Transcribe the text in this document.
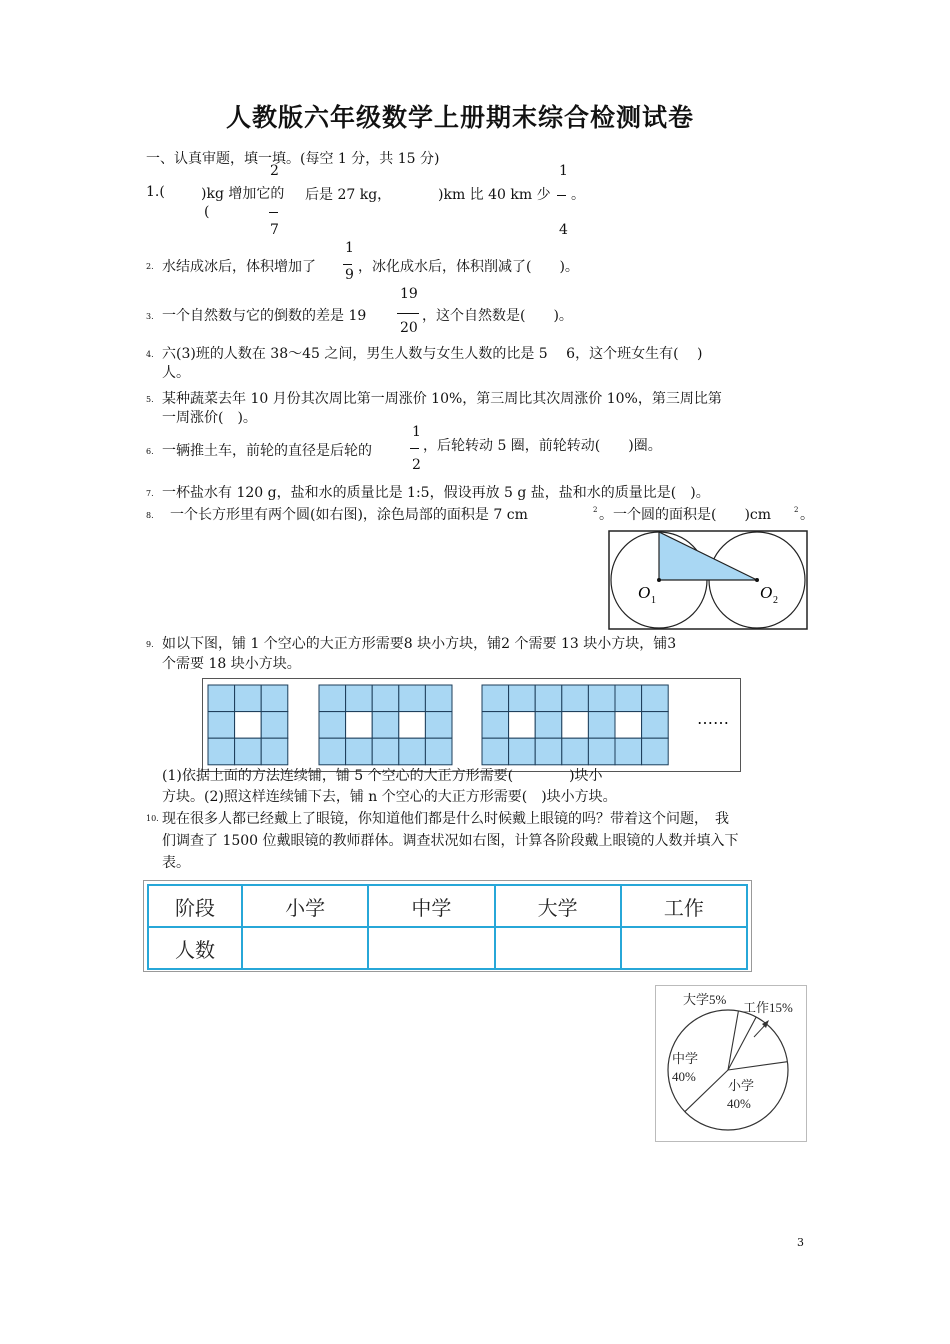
人教版六年级数学上册期末综合检测试卷
一、认真审题，填一填。(每空 1 分，共 15 分)
1.(	)kg 增加它的
(
2
7
后是 27 kg，	)km 比 40 km 少
1
4
。
2. 水结成冰后，体积增加了
1
9 ，冰化成水后，体积削减了(　　)。
3. 一个自然数与它的倒数的差是 19
19
20
，这个自然数是(　　)。
4. 六(3)班的人数在 38～45 之间，男生人数与女生人数的比是 5　 6，这个班女生有(　 )
人。
5. 某种蔬菜去年 10 月份其次周比第一周涨价 10%，第三周比其次周涨价 10%，第三周比第
一周涨价(　)。
6. 一辆推土车，前轮的直径是后轮的
1
2
，后轮转动 5 圈，前轮转动(　　)圈。
7. 一杯盐水有 120 g，盐和水的质量比是 1:5，假设再放 5 g 盐，盐和水的质量比是(　)。
8. 一个长方形里有两个圆(如右图)，涂色局部的面积是 7 cm	2 。一个圆的面积是(　　)cm	2 。
O 1	O 2
9. 如以下图，铺 1 个空心的大正方形需要8 块小方块，铺2 个需要 13 块小方块，铺3
个需要 18 块小方块。
……
(1)依据上面的方法连续铺，铺 5 个空心的大正方形需要(　　　　)块小
方块。(2)照这样连续铺下去，铺 n 个空心的大正方形需要(　)块小方块。
10. 现在很多人都已经戴上了眼镜，你知道他们都是什么时候戴上眼镜的吗？带着这个问题，　我
们调查了 1500 位戴眼镜的教师群体。调查状况如右图，计算各阶段戴上眼镜的人数并填入下
表。
阶段	小学	中学	大学	工作
人数				
大学5%
工作15%
中学
40%
小学
40%
3
